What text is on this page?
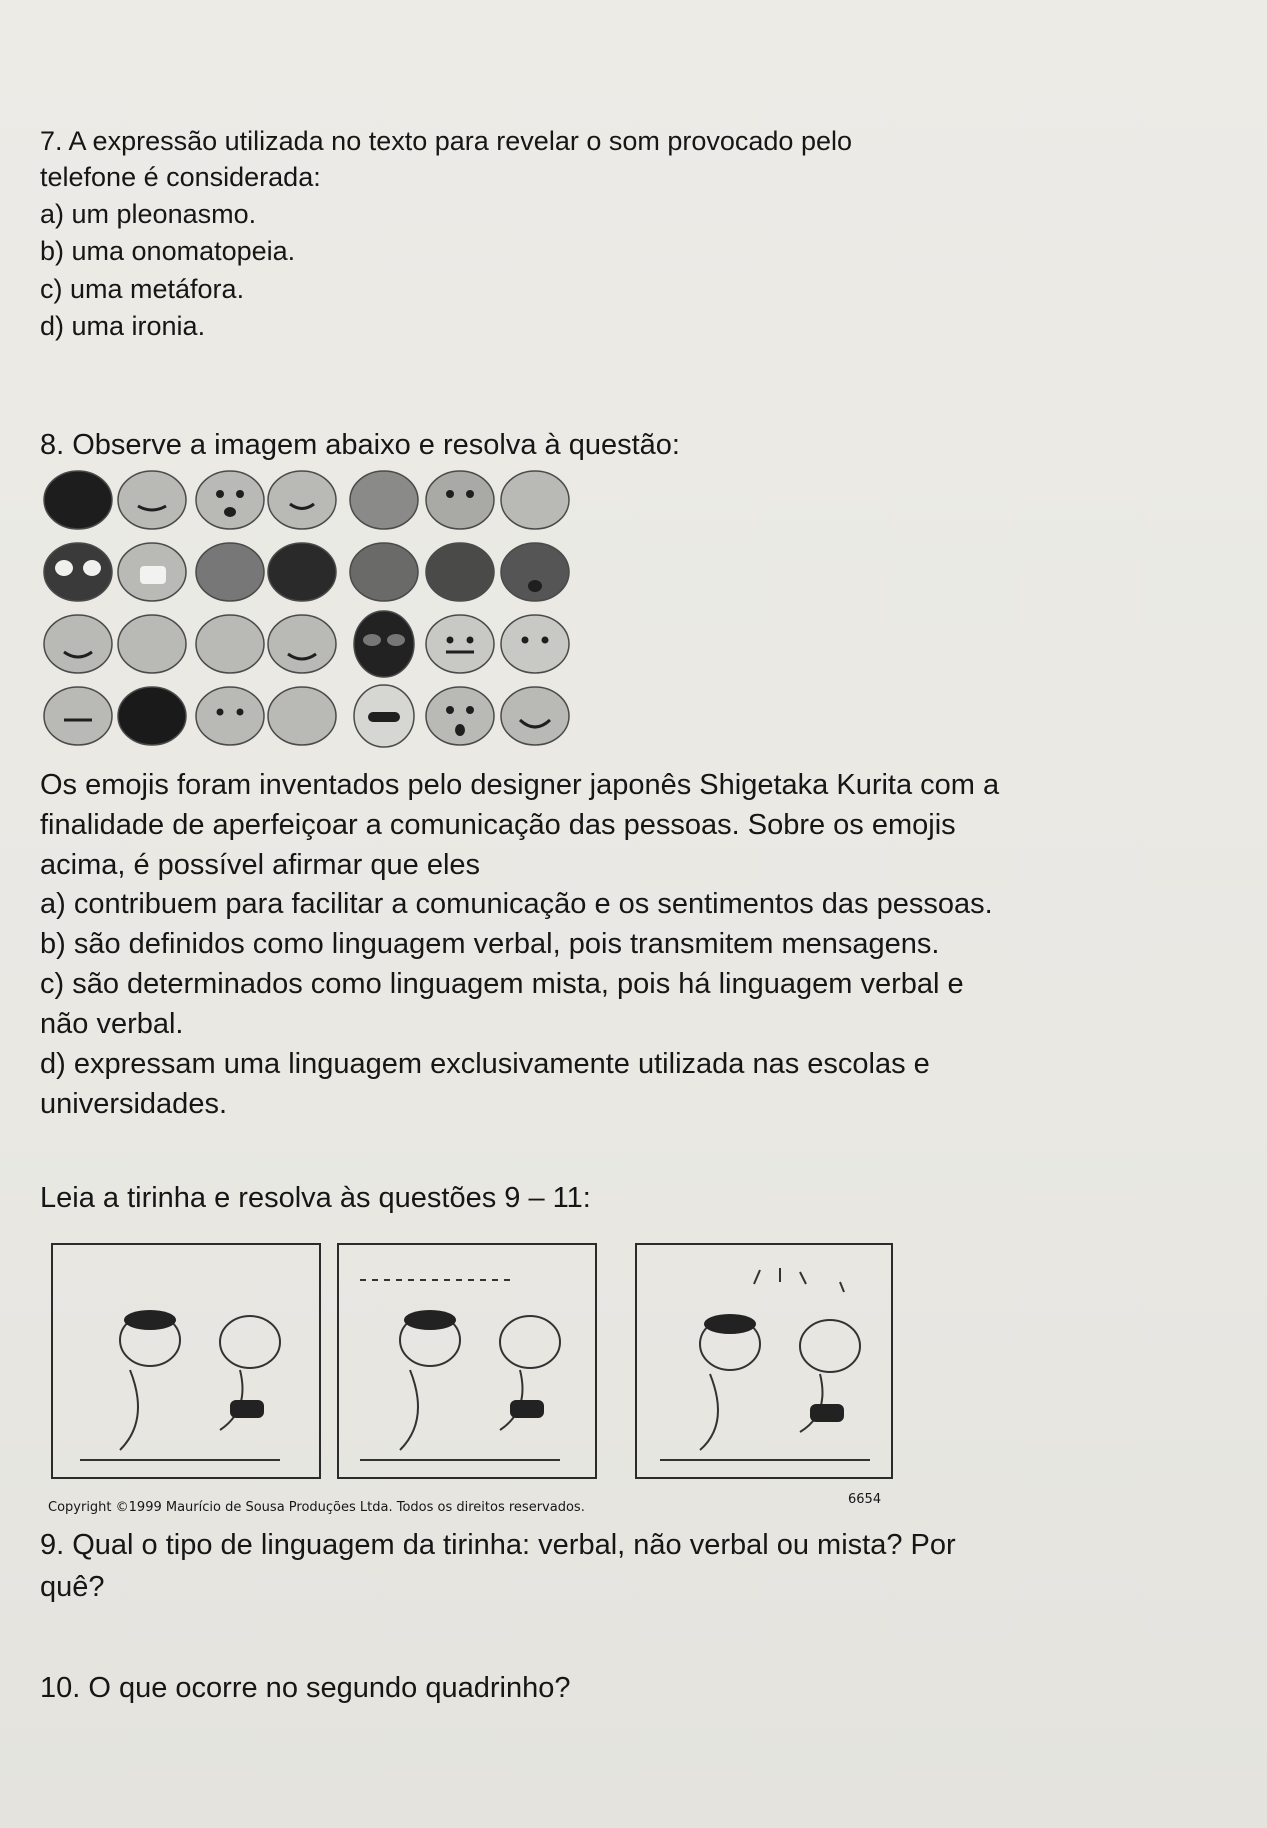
7. A expressão utilizada no texto para revelar o som provocado pelo
telefone é considerada:
a) um pleonasmo.
b) uma onomatopeia.
c) uma metáfora.
d) uma ironia.
8. Observe a imagem abaixo e resolva à questão:
Os emojis foram inventados pelo designer japonês Shigetaka Kurita com a
finalidade de aperfeiçoar a comunicação das pessoas. Sobre os emojis
acima, é possível afirmar que eles
a) contribuem para facilitar a comunicação e os sentimentos das pessoas.
b) são definidos como linguagem verbal, pois transmitem mensagens.
c) são determinados como linguagem mista, pois há linguagem verbal e
não verbal.
d) expressam uma linguagem exclusivamente utilizada nas escolas e
universidades.
Leia a tirinha e resolva às questões 9 – 11:
Copyright ©1999 Maurício de Sousa Produções Ltda. Todos os direitos reservados.
6654
9. Qual o tipo de linguagem da tirinha: verbal, não verbal ou mista? Por
quê?
10. O que ocorre no segundo quadrinho?
